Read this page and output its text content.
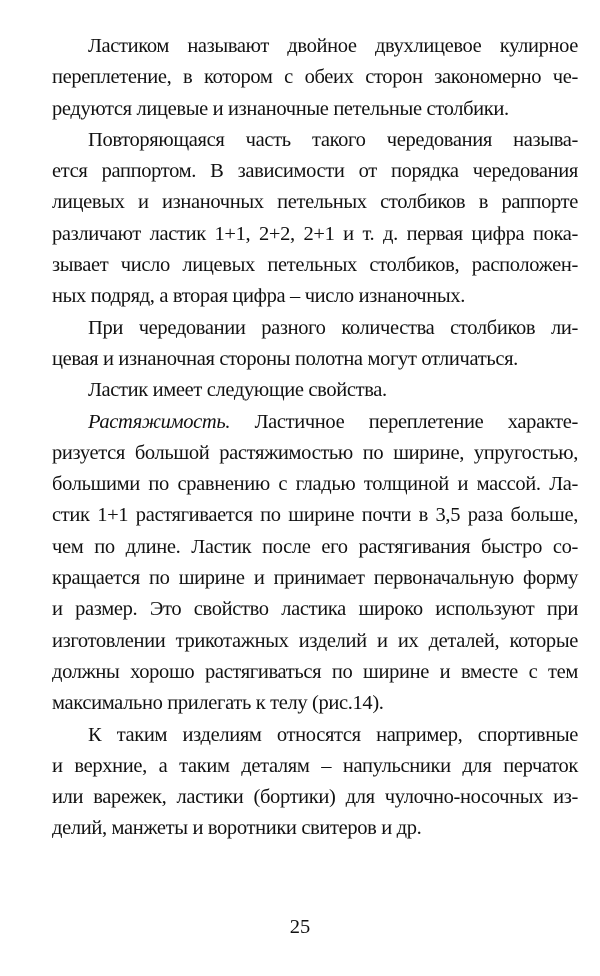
Ластиком называют двойное двухлицевое кулирное
переплетение, в котором с обеих сторон закономерно че-
редуются лицевые и изнаночные петельные столбики.
Повторяющаяся часть такого чередования называ-
ется раппортом. В зависимости от порядка чередования
лицевых и изнаночных петельных столбиков в раппорте
различают ластик 1+1, 2+2, 2+1 и т. д. первая цифра пока-
зывает число лицевых петельных столбиков, расположен-
ных подряд, а вторая цифра – число изнаночных.
При чередовании разного количества столбиков ли-
цевая и изнаночная стороны полотна могут отличаться.
Ластик имеет следующие свойства.
Растяжимость. Ластичное переплетение характе-
ризуется большой растяжимостью по ширине, упругостью,
большими по сравнению с гладью толщиной и массой. Ла-
стик 1+1 растягивается по ширине почти в 3,5 раза больше,
чем по длине. Ластик после его растягивания быстро со-
кращается по ширине и принимает первоначальную форму
и размер. Это свойство ластика широко используют при
изготовлении трикотажных изделий и их деталей, которые
должны хорошо растягиваться по ширине и вместе с тем
максимально прилегать к телу (рис.14).
К таким изделиям относятся например, спортивные
и верхние, а таким деталям – напульсники для перчаток
или варежек, ластики (бортики) для чулочно-носочных из-
делий, манжеты и воротники свитеров и др.
25
